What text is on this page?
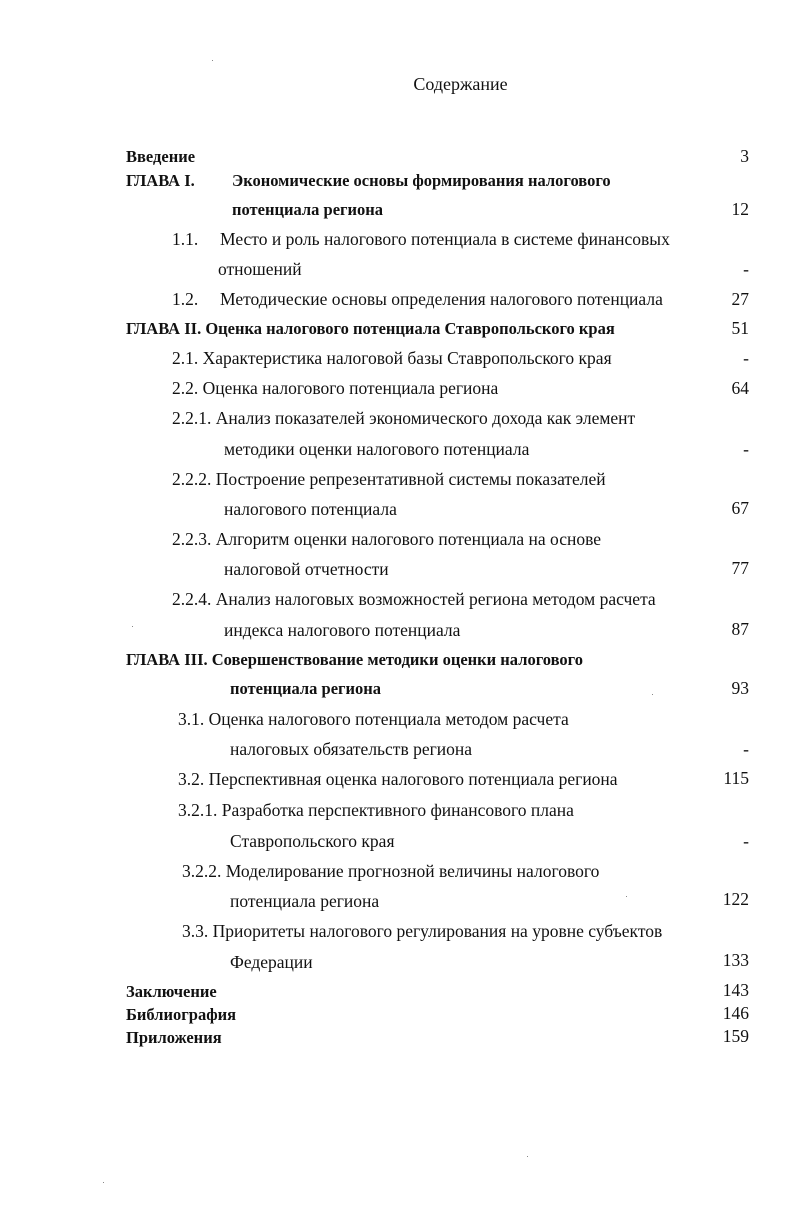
Содержание
Введение	3
ГЛАВА I. Экономические основы формирования налогового
потенциала региона	12
1.1. Место и роль налогового потенциала в системе финансовых
отношений	-
1.2. Методические основы определения налогового потенциала	27
ГЛАВА II. Оценка налогового потенциала Ставропольского края	51
2.1. Характеристика налоговой базы Ставропольского края	-
2.2. Оценка налогового потенциала региона	64
2.2.1. Анализ показателей экономического дохода как элемент
методики оценки налогового потенциала	-
2.2.2. Построение репрезентативной системы показателей
налогового потенциала	67
2.2.3. Алгоритм оценки налогового потенциала на основе
налоговой отчетности	77
2.2.4. Анализ налоговых возможностей региона методом расчета
индекса налогового потенциала	87
ГЛАВА III. Совершенствование методики оценки налогового
потенциала региона	93
3.1. Оценка налогового потенциала методом расчета
налоговых обязательств региона	-
3.2. Перспективная оценка налогового потенциала региона	115
3.2.1. Разработка перспективного финансового плана
Ставропольского края	-
3.2.2. Моделирование прогнозной величины налогового
потенциала региона	122
3.3. Приоритеты налогового регулирования на уровне субъектов
Федерации	133
Заключение	143
Библиография	146
Приложения	159
